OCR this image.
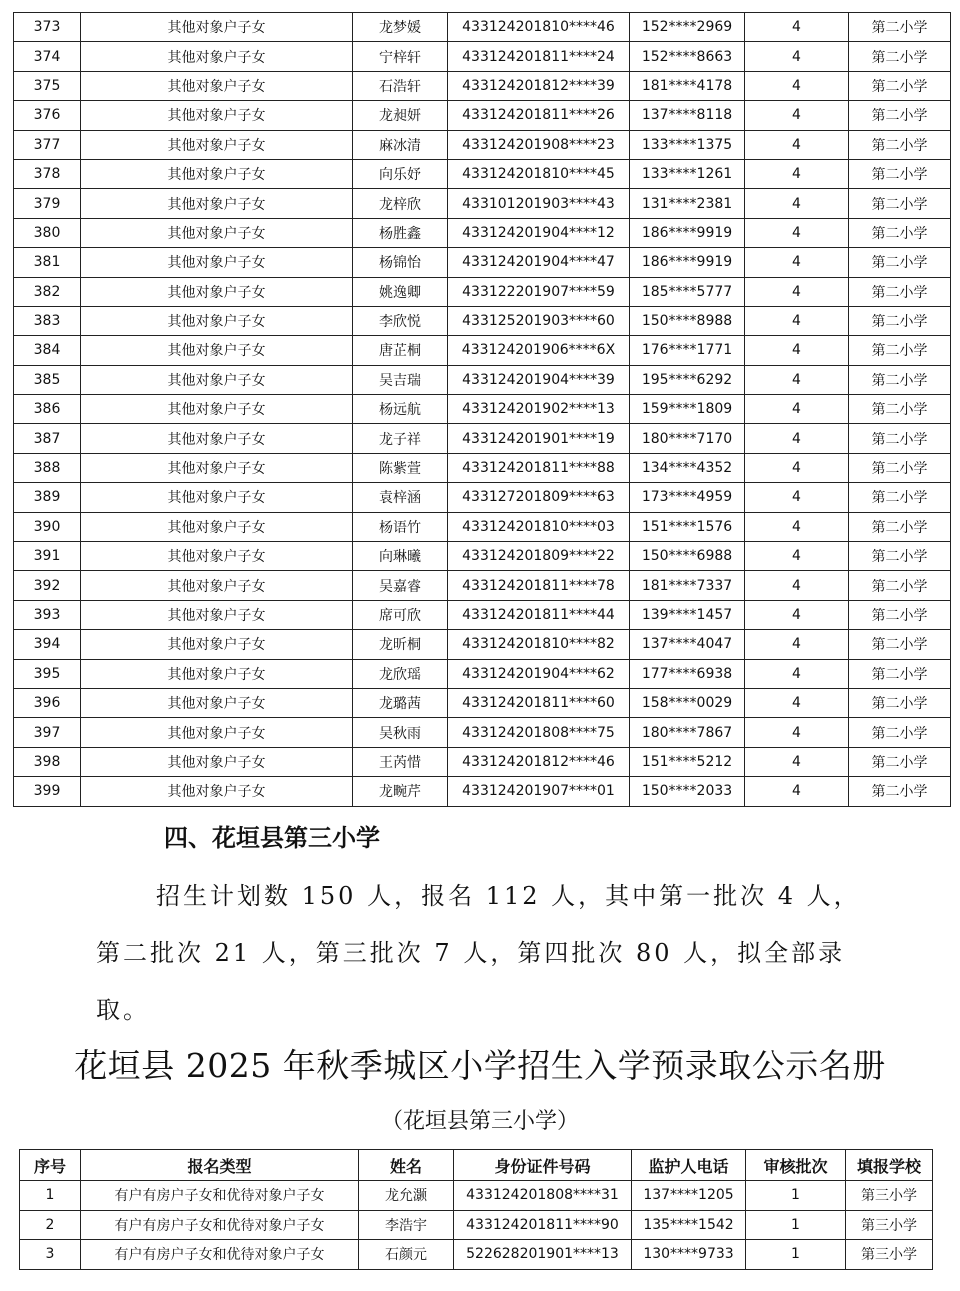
373	其他对象户子女	龙梦媛	433124201810****46	152****2969	4	第二小学
374	其他对象户子女	宁梓轩	433124201811****24	152****8663	4	第二小学
375	其他对象户子女	石浩轩	433124201812****39	181****4178	4	第二小学
376	其他对象户子女	龙昶妍	433124201811****26	137****8118	4	第二小学
377	其他对象户子女	麻冰清	433124201908****23	133****1375	4	第二小学
378	其他对象户子女	向乐妤	433124201810****45	133****1261	4	第二小学
379	其他对象户子女	龙梓欣	433101201903****43	131****2381	4	第二小学
380	其他对象户子女	杨胜鑫	433124201904****12	186****9919	4	第二小学
381	其他对象户子女	杨锦怡	433124201904****47	186****9919	4	第二小学
382	其他对象户子女	姚逸卿	433122201907****59	185****5777	4	第二小学
383	其他对象户子女	李欣悦	433125201903****60	150****8988	4	第二小学
384	其他对象户子女	唐芷桐	433124201906****6X	176****1771	4	第二小学
385	其他对象户子女	吴吉瑞	433124201904****39	195****6292	4	第二小学
386	其他对象户子女	杨远航	433124201902****13	159****1809	4	第二小学
387	其他对象户子女	龙子祥	433124201901****19	180****7170	4	第二小学
388	其他对象户子女	陈紫萱	433124201811****88	134****4352	4	第二小学
389	其他对象户子女	袁梓涵	433127201809****63	173****4959	4	第二小学
390	其他对象户子女	杨语竹	433124201810****03	151****1576	4	第二小学
391	其他对象户子女	向琳曦	433124201809****22	150****6988	4	第二小学
392	其他对象户子女	吴嘉睿	433124201811****78	181****7337	4	第二小学
393	其他对象户子女	席可欣	433124201811****44	139****1457	4	第二小学
394	其他对象户子女	龙昕桐	433124201810****82	137****4047	4	第二小学
395	其他对象户子女	龙欣瑶	433124201904****62	177****6938	4	第二小学
396	其他对象户子女	龙璐茜	433124201811****60	158****0029	4	第二小学
397	其他对象户子女	吴秋雨	433124201808****75	180****7867	4	第二小学
398	其他对象户子女	王芮惜	433124201812****46	151****5212	4	第二小学
399	其他对象户子女	龙畹芹	433124201907****01	150****2033	4	第二小学
四、花垣县第三小学
招生计划数 150 人，报名 112 人，其中第一批次 4 人，
第二批次 21 人，第三批次 7 人，第四批次 80 人，拟全部录
取。
花垣县 2025 年秋季城区小学招生入学预录取公示名册
（花垣县第三小学）
序号	报名类型	姓名	身份证件号码	监护人电话	审核批次	填报学校
1	有户有房户子女和优待对象户子女	龙允灏	433124201808****31	137****1205	1	第三小学
2	有户有房户子女和优待对象户子女	李浩宇	433124201811****90	135****1542	1	第三小学
3	有户有房户子女和优待对象户子女	石颜元	522628201901****13	130****9733	1	第三小学
